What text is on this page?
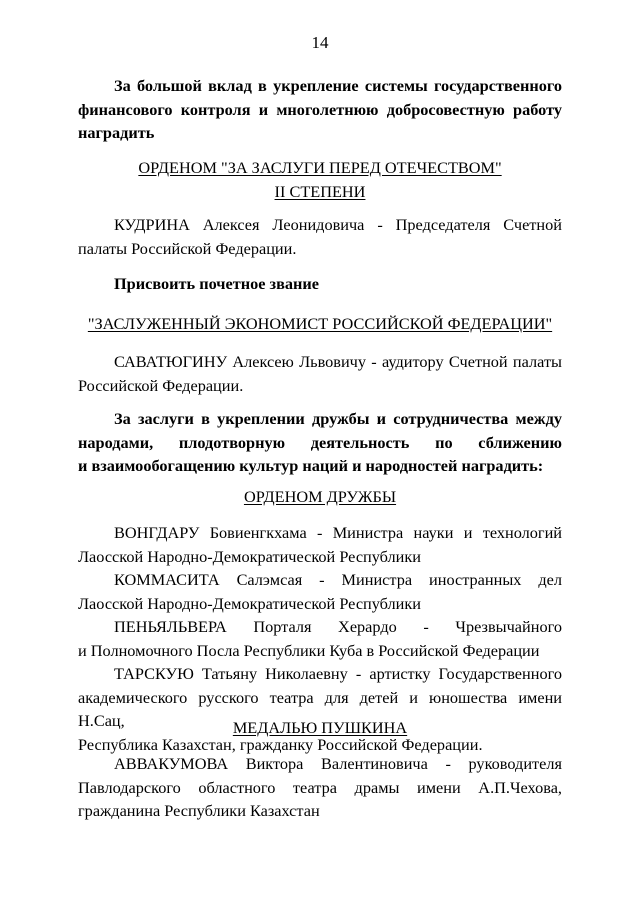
14
За большой вклад в укрепление системы государственного
финансового контроля и многолетнюю добросовестную работу
наградить
ОРДЕНОМ "ЗА ЗАСЛУГИ ПЕРЕД ОТЕЧЕСТВОМ"
II СТЕПЕНИ
КУДРИНА Алексея Леонидовича - Председателя Счетной
палаты Российской Федерации.
Присвоить почетное звание
"ЗАСЛУЖЕННЫЙ ЭКОНОМИСТ РОССИЙСКОЙ ФЕДЕРАЦИИ"
САВАТЮГИНУ Алексею Львовичу - аудитору Счетной палаты
Российской Федерации.
За заслуги в укреплении дружбы и сотрудничества между
народами, плодотворную деятельность по сближению
и взаимообогащению культур наций и народностей наградить:
ОРДЕНОМ ДРУЖБЫ
ВОНГДАРУ Бовиенгкхама - Министра науки и технологий
Лаосской Народно-Демократической Республики
КОММАСИТА Салэмсая - Министра иностранных дел
Лаосской Народно-Демократической Республики
ПЕНЬЯЛЬВЕРА Порталя Херардо - Чрезвычайного
и Полномочного Посла Республики Куба в Российской Федерации
ТАРСКУЮ Татьяну Николаевну - артистку Государственного
академического русского театра для детей и юношества имени Н.Сац,
Республика Казахстан, гражданку Российской Федерации.
МЕДАЛЬЮ ПУШКИНА
АВВАКУМОВА Виктора Валентиновича - руководителя
Павлодарского областного театра драмы имени А.П.Чехова,
гражданина Республики Казахстан
